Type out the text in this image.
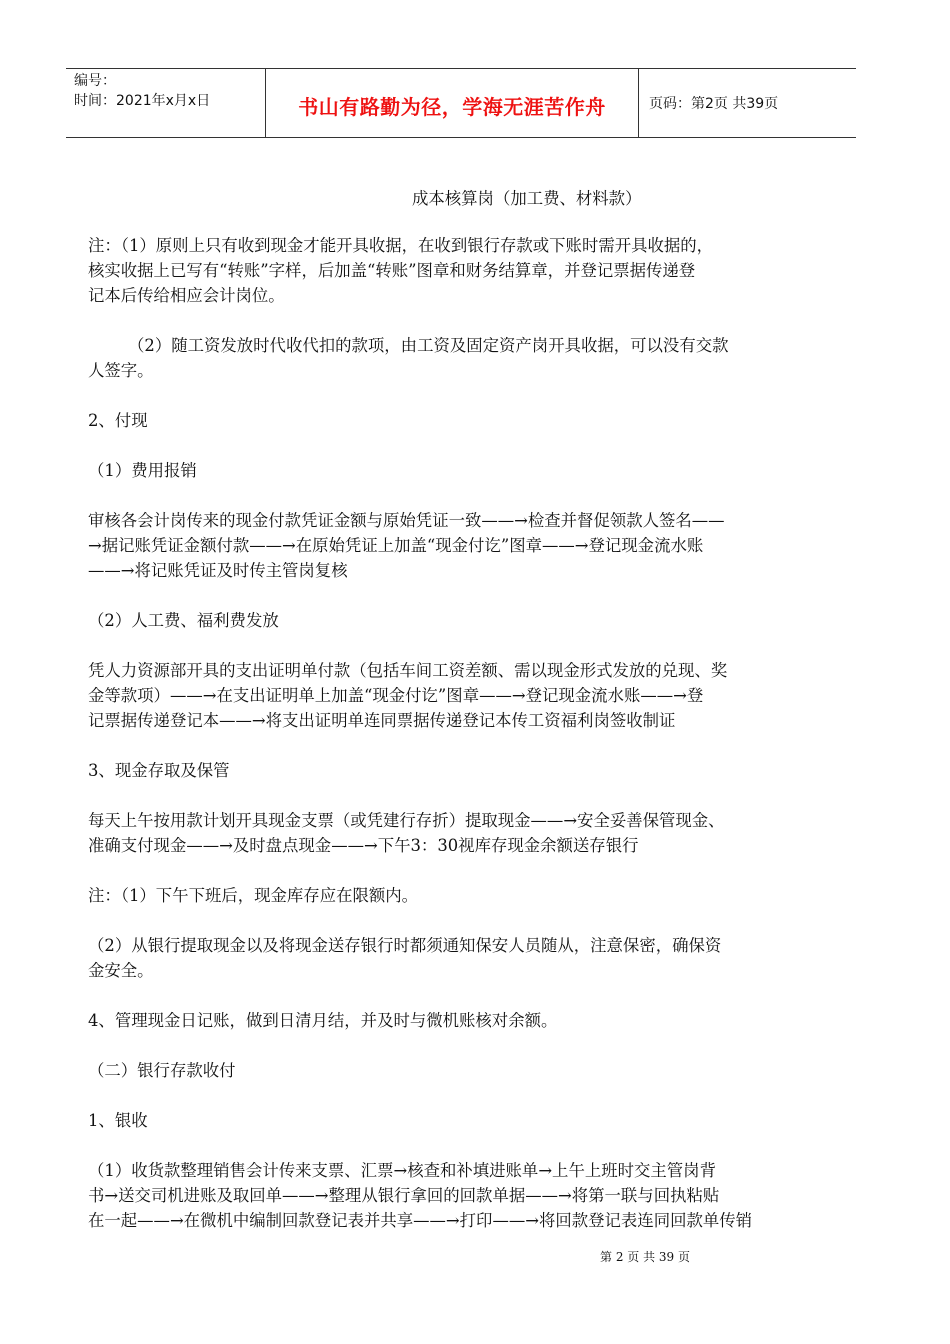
编号：
时间：2021年x月x日	书山有路勤为径，学海无涯苦作舟	页码：第2页 共39页
成本核算岗（加工费、材料款）
注：（1）原则上只有收到现金才能开具收据，在收到银行存款或下账时需开具收据的，
核实收据上已写有“转账”字样，后加盖“转账”图章和财务结算章，并登记票据传递登
记本后传给相应会计岗位。
（2）随工资发放时代收代扣的款项，由工资及固定资产岗开具收据，可以没有交款
人签字。
2、付现
（1）费用报销
审核各会计岗传来的现金付款凭证金额与原始凭证一致——→检查并督促领款人签名——
→据记账凭证金额付款——→在原始凭证上加盖“现金付讫”图章——→登记现金流水账
——→将记账凭证及时传主管岗复核
（2）人工费、福利费发放
凭人力资源部开具的支出证明单付款（包括车间工资差额、需以现金形式发放的兑现、奖
金等款项）——→在支出证明单上加盖“现金付讫”图章——→登记现金流水账——→登
记票据传递登记本——→将支出证明单连同票据传递登记本传工资福利岗签收制证
3、现金存取及保管
每天上午按用款计划开具现金支票（或凭建行存折）提取现金——→安全妥善保管现金、
准确支付现金——→及时盘点现金——→下午3：30视库存现金余额送存银行
注：（1）下午下班后，现金库存应在限额内。
（2）从银行提取现金以及将现金送存银行时都须通知保安人员随从，注意保密，确保资
金安全。
4、管理现金日记账，做到日清月结，并及时与微机账核对余额。
（二）银行存款收付
1、银收
（1）收货款整理销售会计传来支票、汇票→核查和补填进账单→上午上班时交主管岗背
书→送交司机进账及取回单——→整理从银行拿回的回款单据——→将第一联与回执粘贴
在一起——→在微机中编制回款登记表并共享——→打印——→将回款登记表连同回款单传销
第 2 页 共 39 页
